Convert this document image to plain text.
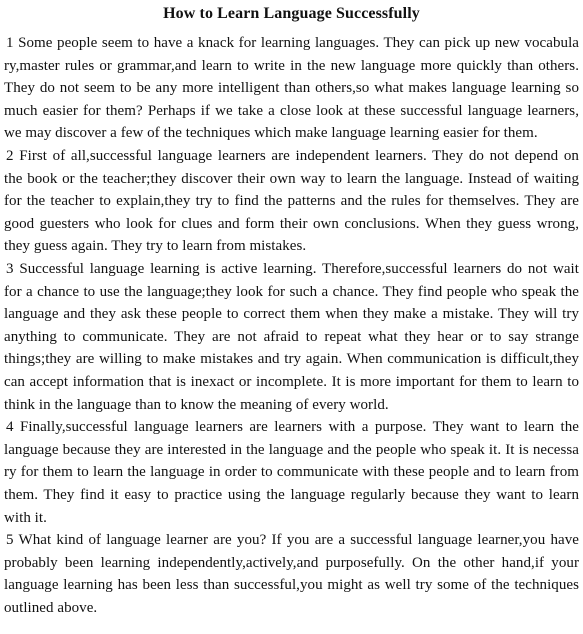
How to Learn Language Successfully
1 Some people seem to have a knack for learning languages. They can pick up new vocabula
ry,master rules or grammar,and learn to write in the new language more quickly than others.
They do not seem to be any more intelligent than others,so what makes language learning so
much easier for them? Perhaps if we take a close look at these successful language learners,
we may discover a few of the techniques which make language learning easier for them.
2 First of all,successful language learners are independent learners. They do not depend on
the book or the teacher;they discover their own way to learn the language. Instead of waiting
for the teacher to explain,they try to find the patterns and the rules for themselves. They are
good guesters who look for clues and form their own conclusions. When they guess wrong,
they guess again. They try to learn from mistakes.
3 Successful language learning is active learning. Therefore,successful learners do not wait
for a chance to use the language;they look for such a chance. They find people who speak the
language and they ask these people to correct them when they make a mistake. They will try
anything to communicate. They are not afraid to repeat what they hear or to say strange
things;they are willing to make mistakes and try again. When communication is difficult,they
can accept information that is inexact or incomplete. It is more important for them to learn to
think in the language than to know the meaning of every world.
4 Finally,successful language learners are learners with a purpose. They want to learn the
language because they are interested in the language and the people who speak it. It is necessa
ry for them to learn the language in order to communicate with these people and to learn from
them. They find it easy to practice using the language regularly because they want to learn
with it.
5 What kind of language learner are you? If you are a successful language learner,you have
probably been learning independently,actively,and purposefully. On the other hand,if your
language learning has been less than successful,you might as well try some of the techniques
outlined above.
